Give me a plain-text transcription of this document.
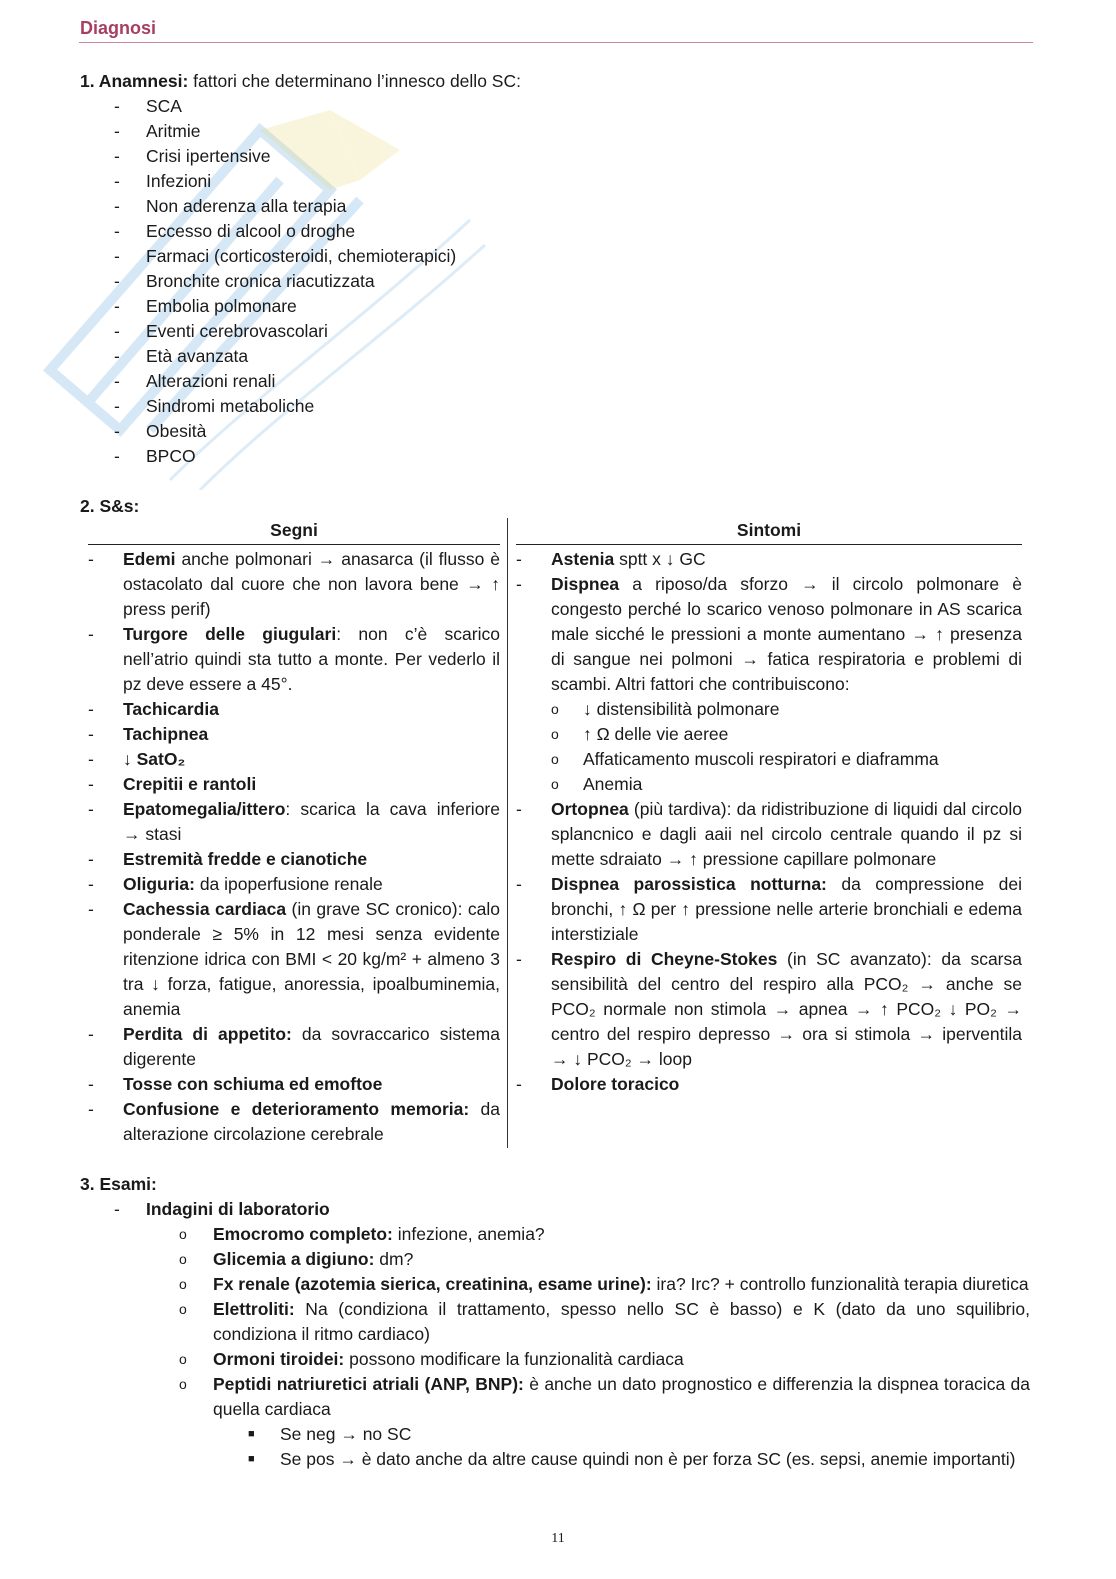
Diagnosi
1. Anamnesi: fattori che determinano l’innesco dello SC:
- SCA
- Aritmie
- Crisi ipertensive
- Infezioni
- Non aderenza alla terapia
- Eccesso di alcool o droghe
- Farmaci (corticosteroidi, chemioterapici)
- Bronchite cronica riacutizzata
- Embolia polmonare
- Eventi cerebrovascolari
- Età avanzata
- Alterazioni renali
- Sindromi metaboliche
- Obesità
- BPCO
2. S&s:
Segni
- Edemi anche polmonari → anasarca (il flusso è ostacolato dal cuore che non lavora bene → ↑ press perif)
- Turgore delle giugulari: non c’è scarico nell’atrio quindi sta tutto a monte. Per vederlo il pz deve essere a 45°.
- Tachicardia
- Tachipnea
- ↓ SatO₂
- Crepitii e rantoli
- Epatomegalia/ittero: scarica la cava inferiore → stasi
- Estremità fredde e cianotiche
- Oliguria: da ipoperfusione renale
- Cachessia cardiaca (in grave SC cronico): calo ponderale ≥ 5% in 12 mesi senza evidente ritenzione idrica con BMI < 20 kg/m² + almeno 3 tra ↓ forza, fatigue, anoressia, ipoalbuminemia, anemia
- Perdita di appetito: da sovraccarico sistema digerente
- Tosse con schiuma ed emoftoe
- Confusione e deterioramento memoria: da alterazione circolazione cerebrale
Sintomi
- Astenia sptt x ↓ GC
- Dispnea a riposo/da sforzo → il circolo polmonare è congesto perché lo scarico venoso polmonare in AS scarica male sicché le pressioni a monte aumentano → ↑ presenza di sangue nei polmoni → fatica respiratoria e problemi di scambi. Altri fattori che contribuiscono:
o ↓ distensibilità polmonare
o ↑ Ω delle vie aeree
o Affaticamento muscoli respiratori e diaframma
o Anemia
- Ortopnea (più tardiva): da ridistribuzione di liquidi dal circolo splancnico e dagli aaii nel circolo centrale quando il pz si mette sdraiato → ↑ pressione capillare polmonare
- Dispnea parossistica notturna: da compressione dei bronchi, ↑ Ω per ↑ pressione nelle arterie bronchiali e edema interstiziale
- Respiro di Cheyne-Stokes (in SC avanzato): da scarsa sensibilità del centro del respiro alla PCO₂ → anche se PCO₂ normale non stimola → apnea → ↑ PCO₂ ↓ PO₂ → centro del respiro depresso → ora si stimola → iperventila → ↓ PCO₂ → loop
- Dolore toracico
3. Esami:
- Indagini di laboratorio
o Emocromo completo: infezione, anemia?
o Glicemia a digiuno: dm?
o Fx renale (azotemia sierica, creatinina, esame urine): ira? Irc? + controllo funzionalità terapia diuretica
o Elettroliti: Na (condiziona il trattamento, spesso nello SC è basso) e K (dato da uno squilibrio, condiziona il ritmo cardiaco)
o Ormoni tiroidei: possono modificare la funzionalità cardiaca
o Peptidi natriuretici atriali (ANP, BNP): è anche un dato prognostico e differenzia la dispnea toracica da quella cardiaca
■ Se neg → no SC
■ Se pos → è dato anche da altre cause quindi non è per forza SC (es. sepsi, anemie importanti)
11
